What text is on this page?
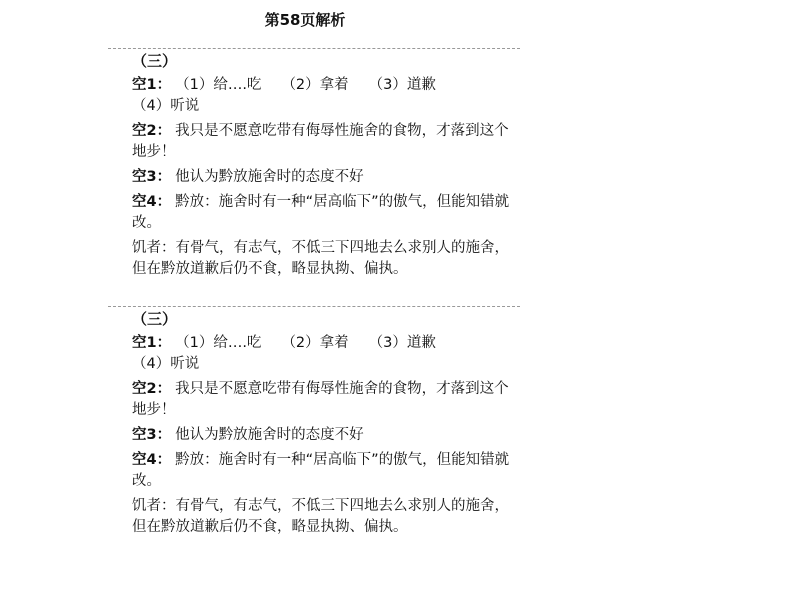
第58页解析
（三）
空1： （1）给….吃 （2）拿着 （3）道歉（4）听说
空2： 我只是不愿意吃带有侮辱性施舍的食物，才落到这个地步！
空3： 他认为黔放施舍时的态度不好
空4： 黔放：施舍时有一种“居高临下”的傲气，但能知错就改。
饥者：有骨气，有志气，不低三下四地去么求别人的施舍，但在黔放道歉后仍不食，略显执拗、偏执。
（三）
空1： （1）给….吃 （2）拿着 （3）道歉（4）听说
空2： 我只是不愿意吃带有侮辱性施舍的食物，才落到这个地步！
空3： 他认为黔放施舍时的态度不好
空4： 黔放：施舍时有一种“居高临下”的傲气，但能知错就改。
饥者：有骨气，有志气，不低三下四地去么求别人的施舍，但在黔放道歉后仍不食，略显执拗、偏执。
